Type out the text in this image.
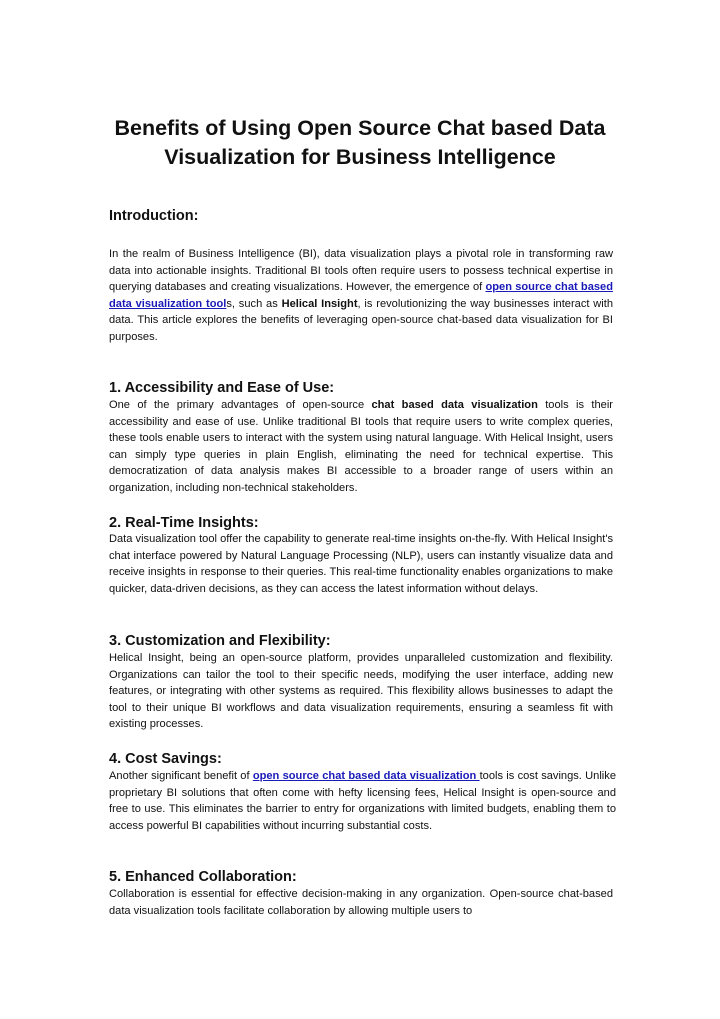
Benefits of Using Open Source Chat based Data
Visualization for Business Intelligence
Introduction:

In the realm of Business Intelligence (BI), data visualization plays a pivotal role in transforming raw data into actionable insights. Traditional BI tools often require users to possess technical expertise in querying databases and creating visualizations. However, the emergence of open source chat based data visualization tools, such as Helical Insight, is revolutionizing the way businesses interact with data. This article explores the benefits of leveraging open-source chat-based data visualization for BI purposes.

1. Accessibility and Ease of Use:

One of the primary advantages of open-source chat based data visualization tools is their accessibility and ease of use. Unlike traditional BI tools that require users to write complex queries, these tools enable users to interact with the system using natural language. With Helical Insight, users can simply type queries in plain English, eliminating the need for technical expertise. This democratization of data analysis makes BI accessible to a broader range of users within an organization, including non-technical stakeholders.

2. Real-Time Insights:

Data visualization tool offer the capability to generate real-time insights on-the-fly. With Helical Insight's chat interface powered by Natural Language Processing (NLP), users can instantly visualize data and receive insights in response to their queries. This real-time functionality enables organizations to make quicker, data-driven decisions, as they can access the latest information without delays.

3. Customization and Flexibility:

Helical Insight, being an open-source platform, provides unparalleled customization and flexibility. Organizations can tailor the tool to their specific needs, modifying the user interface, adding new features, or integrating with other systems as required. This flexibility allows businesses to adapt the tool to their unique BI workflows and data visualization requirements, ensuring a seamless fit with existing processes.

4. Cost Savings:

Another significant benefit of open source chat based data visualization tools is cost savings. Unlike proprietary BI solutions that often come with hefty licensing fees, Helical Insight is open-source and free to use. This eliminates the barrier to entry for organizations with limited budgets, enabling them to access powerful BI capabilities without incurring substantial costs.

5. Enhanced Collaboration:

Collaboration is essential for effective decision-making in any organization. Open-source chat-based data visualization tools facilitate collaboration by allowing multiple users to
